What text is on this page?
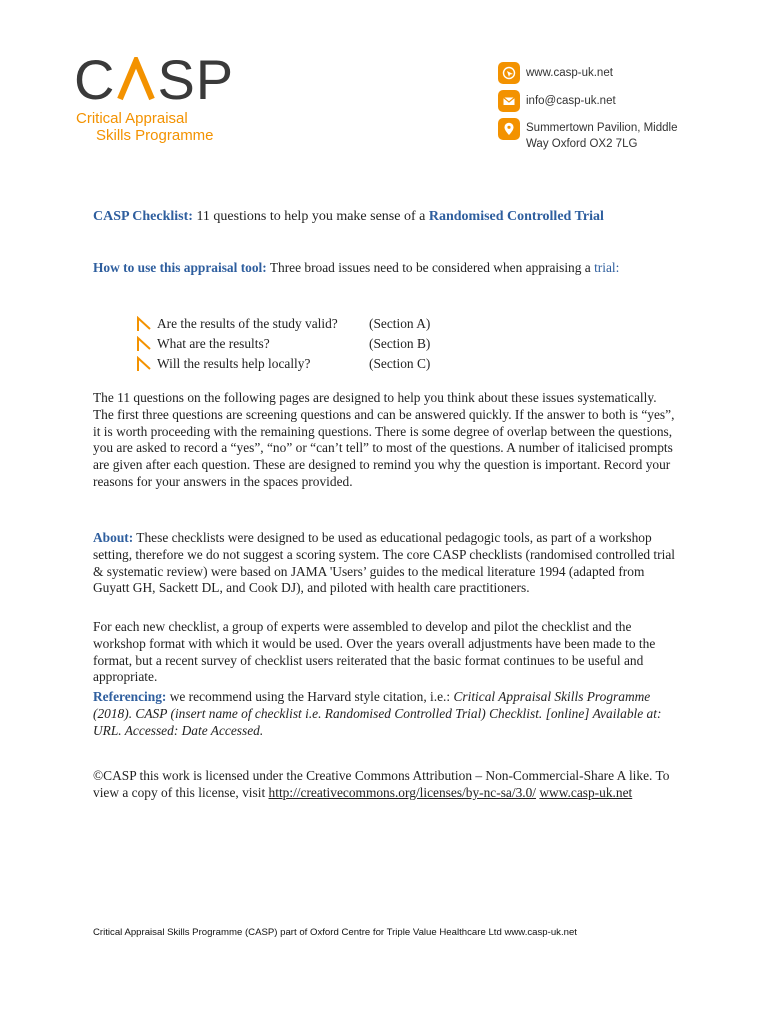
C SP
Critical Appraisal
Skills Programme
www.casp-uk.net
info@casp-uk.net
Summertown Pavilion, Middle
Way Oxford OX2 7LG
CASP Checklist: 11 questions to help you make sense of a Randomised Controlled Trial
How to use this appraisal tool: Three broad issues need to be considered when appraising a trial:
Are the results of the study valid? (Section A)
What are the results?	(Section B)
Will the results help locally?	(Section C)
The 11 questions on the following pages are designed to help you think about these issues systematically. The first three questions are screening questions and can be answered quickly. If the answer to both is “yes”, it is worth proceeding with the remaining questions. There is some degree of overlap between the questions, you are asked to record a “yes”, “no” or “can’t tell” to most of the questions. A number of italicised prompts are given after each question. These are designed to remind you why the question is important. Record your reasons for your answers in the spaces provided.
About: These checklists were designed to be used as educational pedagogic tools, as part of a workshop setting, therefore we do not suggest a scoring system. The core CASP checklists (randomised controlled trial & systematic review) were based on JAMA 'Users’ guides to the medical literature 1994 (adapted from Guyatt GH, Sackett DL, and Cook DJ), and piloted with health care practitioners.
For each new checklist, a group of experts were assembled to develop and pilot the checklist and the workshop format with which it would be used. Over the years overall adjustments have been made to the format, but a recent survey of checklist users reiterated that the basic format continues to be useful and appropriate.
Referencing: we recommend using the Harvard style citation, i.e.: Critical Appraisal Skills Programme (2018). CASP (insert name of checklist i.e. Randomised Controlled Trial) Checklist. [online] Available at: URL. Accessed: Date Accessed.
©CASP this work is licensed under the Creative Commons Attribution – Non-Commercial-Share A like. To view a copy of this license, visit http://creativecommons.org/licenses/by-nc-sa/3.0/ www.casp-uk.net
Critical Appraisal Skills Programme (CASP) part of Oxford Centre for Triple Value Healthcare Ltd www.casp-uk.net
